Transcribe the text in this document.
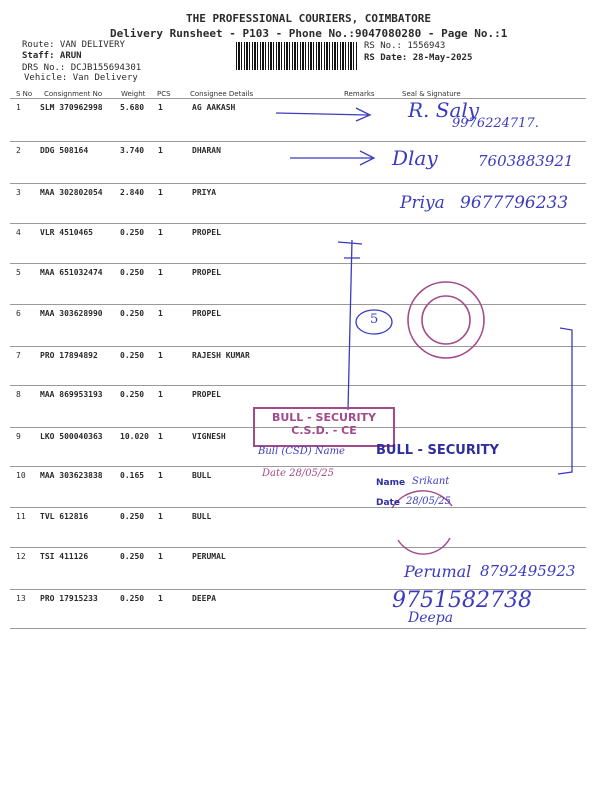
THE PROFESSIONAL COURIERS, COIMBATORE
Delivery Runsheet - P103 - Phone No.:9047080280 - Page No.:1
Route: VAN DELIVERY
Staff: ARUN
DRS No.: DCJB155694301
Vehicle: Van Delivery
RS No.: 1556943
RS Date: 28-May-2025
S No Consignment No	Weight PCS	Consignee Details	Remarks	Seal & Signature
1 SLM 370962998 5.680 1	AG AAKASH
2 DDG 508164	3.740 1	DHARAN
3 MAA 302802054 2.840 1	PRIYA
4 VLR 4510465	0.250 1	PROPEL
5 MAA 651032474 0.250 1	PROPEL
6 MAA 303628990 0.250 1	PROPEL
7 PRO 17894892	0.250 1	RAJESH KUMAR
8 MAA 869953193 0.250 1	PROPEL
9 LKO 500040363 10.020 1	VIGNESH
10 MAA 303623838 0.165 1	BULL
11 TVL 612816	0.250 1	BULL
12 TSI 411126	0.250 1	PERUMAL
13 PRO 17915233	0.250 1	DEEPA
R. Saly
9976224717.
Dlay	7603883921
Priya 9677796233
5
BULL - SECURITY
C.S.D. - CE
Bull (CSD) Name
Date 28/05/25
BULL - SECURITY
Name Srikant
Date 28/05/25
Perumal 8792495923
9751582738
Deepa
